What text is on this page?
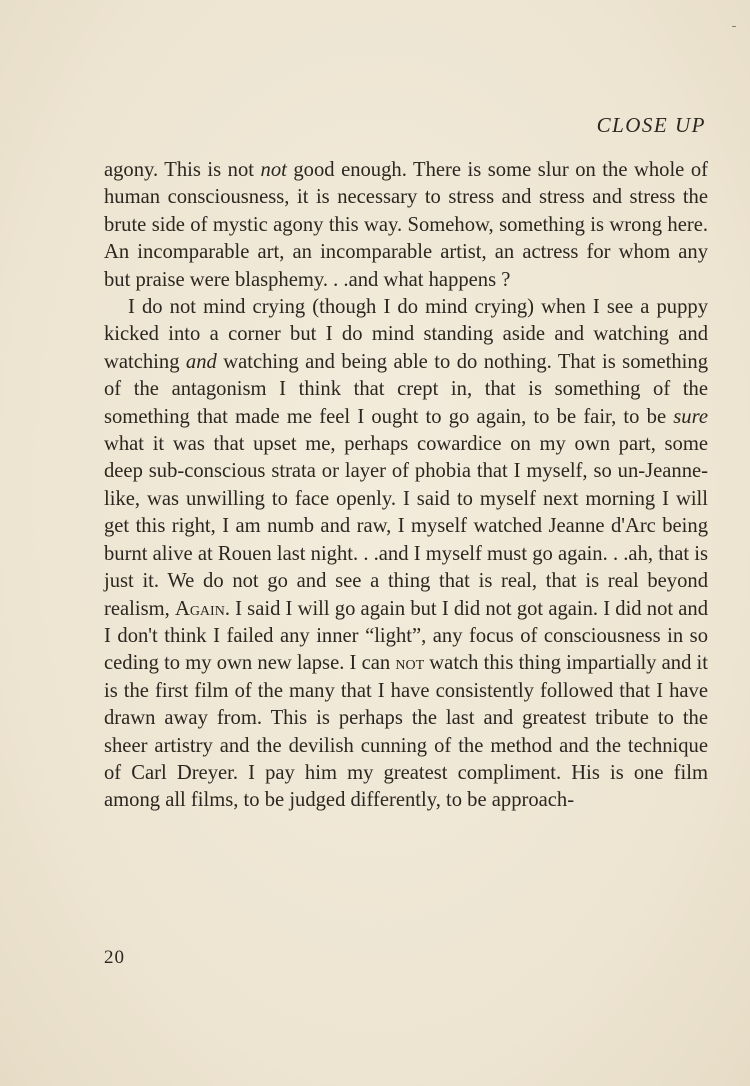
CLOSE UP

agony. This is not not good enough. There is some slur on the whole of human consciousness, it is necessary to stress and stress and stress the brute side of mystic agony this way. Somehow, something is wrong here. An incomparable art, an incomparable artist, an actress for whom any but praise were blasphemy. . .and what happens ?

I do not mind crying (though I do mind crying) when I see a puppy kicked into a corner but I do mind standing aside and watching and watching and watching and being able to do nothing. That is something of the antagonism I think that crept in, that is something of the something that made me feel I ought to go again, to be fair, to be sure what it was that upset me, perhaps cowardice on my own part, some deep sub-conscious strata or layer of phobia that I myself, so un-Jeanne-like, was unwilling to face openly. I said to myself next morning I will get this right, I am numb and raw, I myself watched Jeanne d'Arc being burnt alive at Rouen last night. . .and I myself must go again. . .ah, that is just it. We do not go and see a thing that is real, that is real beyond realism, Again. I said I will go again but I did not got again. I did not and I don't think I failed any inner “light”, any focus of consciousness in so ceding to my own new lapse. I can not watch this thing impartially and it is the first film of the many that I have consistently followed that I have drawn away from. This is perhaps the last and greatest tribute to the sheer artistry and the devilish cunning of the method and the technique of Carl Dreyer. I pay him my greatest compliment. His is one film among all films, to be judged differently, to be approach-

20
